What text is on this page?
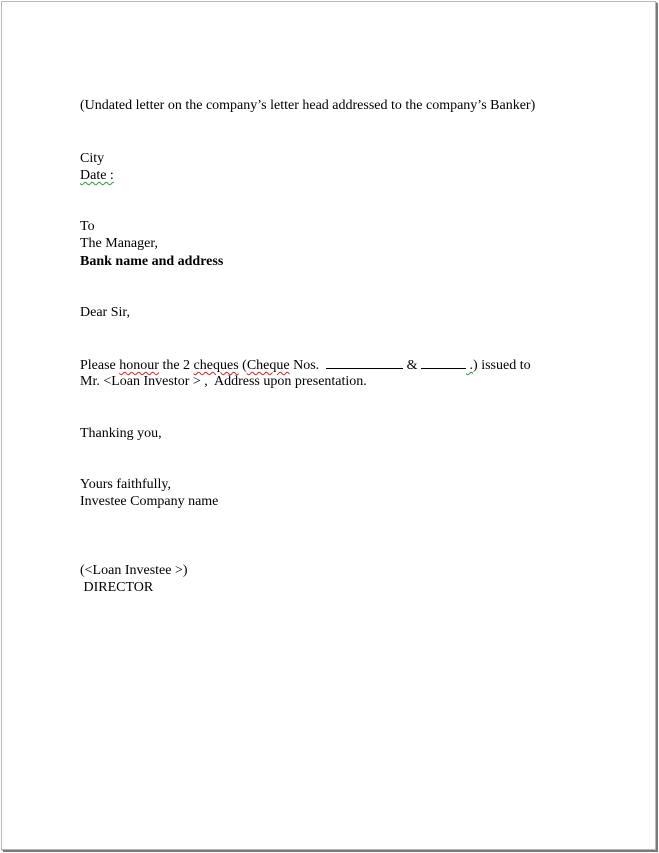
(Undated letter on the company’s letter head addressed to the company’s Banker)

City

Date :

To

The Manager,

Bank name and address

Dear Sir,

Please honour the 2 cheques (Cheque Nos.	&	.) issued to

Mr. <Loan Investor > ,  Address upon presentation.

Thanking you,

Yours faithfully,

Investee Company name

(<Loan Investee >)

DIRECTOR
